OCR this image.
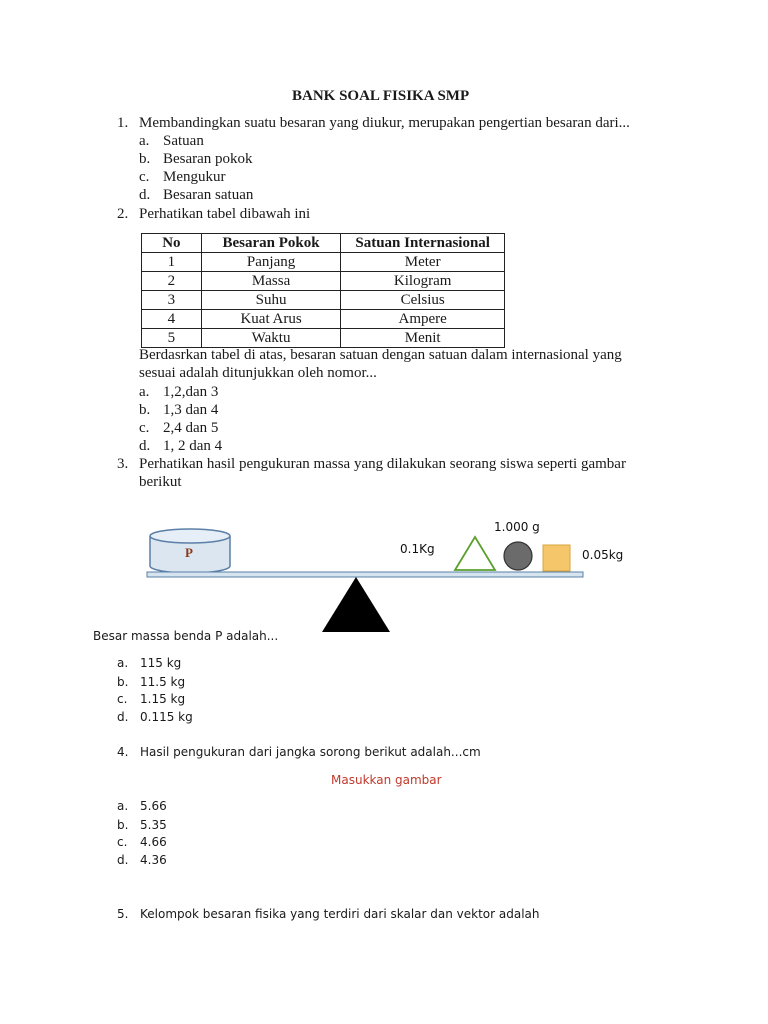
BANK SOAL FISIKA SMP
1. Membandingkan suatu besaran yang diukur, merupakan pengertian besaran dari...
a. Satuan
b. Besaran pokok
c. Mengukur
d. Besaran satuan
2. Perhatikan tabel dibawah ini
No	Besaran Pokok	Satuan Internasional
1	Panjang	Meter
2	Massa	Kilogram
3	Suhu	Celsius
4	Kuat Arus	Ampere
5	Waktu	Menit
Berdasrkan tabel di atas, besaran satuan dengan satuan dalam internasional yang
sesuai adalah ditunjukkan oleh nomor...
a. 1,2,dan 3
b. 1,3 dan 4
c. 2,4 dan 5
d. 1, 2 dan 4
3. Perhatikan hasil pengukuran massa yang dilakukan seorang siswa seperti gambar
berikut
P	0.1Kg
1.000 g
0.05kg
Besar massa benda P adalah...
a. 115 kg
b. 11.5 kg
c. 1.15 kg
d. 0.115 kg
4. Hasil pengukuran dari jangka sorong berikut adalah...cm
Masukkan gambar
a. 5.66
b. 5.35
c. 4.66
d. 4.36
5. Kelompok besaran fisika yang terdiri dari skalar dan vektor adalah
